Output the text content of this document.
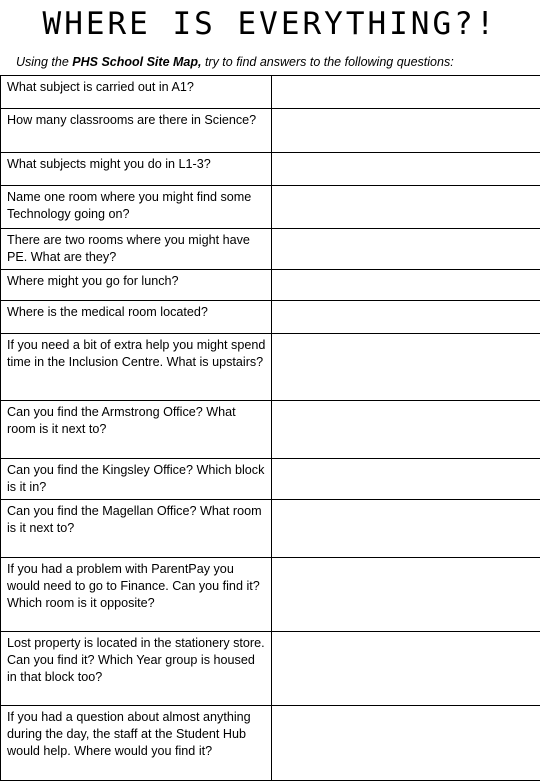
WHERE IS EVERYTHING?!
Using the PHS School Site Map, try to find answers to the following questions:
What subject is carried out in A1?	
How many classrooms are there in Science?	
What subjects might you do in L1-3?	
Name one room where you might find some Technology going on?	
There are two rooms where you might have PE. What are they?	
Where might you go for lunch?	
Where is the medical room located?	
If you need a bit of extra help you might spend time in the Inclusion Centre. What is upstairs?	
Can you find the Armstrong Office? What room is it next to?	
Can you find the Kingsley Office? Which block is it in?	
Can you find the Magellan Office? What room is it next to?	
If you had a problem with ParentPay you would need to go to Finance. Can you find it? Which room is it opposite?	
Lost property is located in the stationery store. Can you find it? Which Year group is housed in that block too?	
If you had a question about almost anything during the day, the staff at the Student Hub would help. Where would you find it?	
